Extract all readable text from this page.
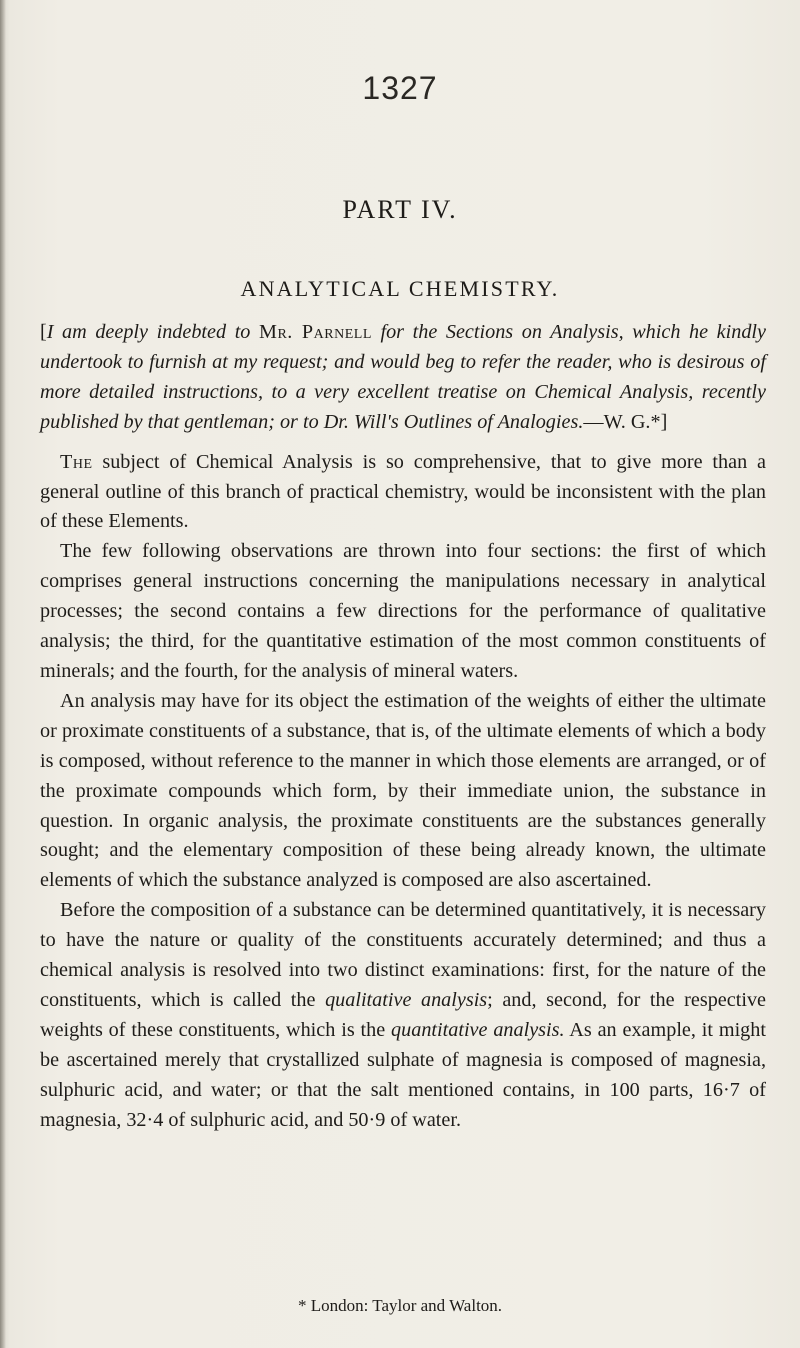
1327
PART IV.
ANALYTICAL CHEMISTRY.

[I am deeply indebted to Mr. Parnell for the Sections on Analysis, which he kindly undertook to furnish at my request; and would beg to refer the reader, who is desirous of more detailed instructions, to a very excellent treatise on Chemical Analysis, recently published by that gentleman; or to Dr. Will's Outlines of Analogies.—W. G.*]

The subject of Chemical Analysis is so comprehensive, that to give more than a general outline of this branch of practical chemistry, would be inconsistent with the plan of these Elements.

The few following observations are thrown into four sections: the first of which comprises general instructions concerning the manipulations necessary in analytical processes; the second contains a few directions for the performance of qualitative analysis; the third, for the quantitative estimation of the most common constituents of minerals; and the fourth, for the analysis of mineral waters.

An analysis may have for its object the estimation of the weights of either the ultimate or proximate constituents of a substance, that is, of the ultimate elements of which a body is composed, without reference to the manner in which those elements are arranged, or of the proximate compounds which form, by their immediate union, the substance in question. In organic analysis, the proximate constituents are the substances generally sought; and the elementary composition of these being already known, the ultimate elements of which the substance analyzed is composed are also ascertained.

Before the composition of a substance can be determined quantitatively, it is necessary to have the nature or quality of the constituents accurately determined; and thus a chemical analysis is resolved into two distinct examinations: first, for the nature of the constituents, which is called the qualitative analysis; and, second, for the respective weights of these constituents, which is the quantitative analysis. As an example, it might be ascertained merely that crystallized sulphate of magnesia is composed of magnesia, sulphuric acid, and water; or that the salt mentioned contains, in 100 parts, 16·7 of magnesia, 32·4 of sulphuric acid, and 50·9 of water.

* London: Taylor and Walton.
